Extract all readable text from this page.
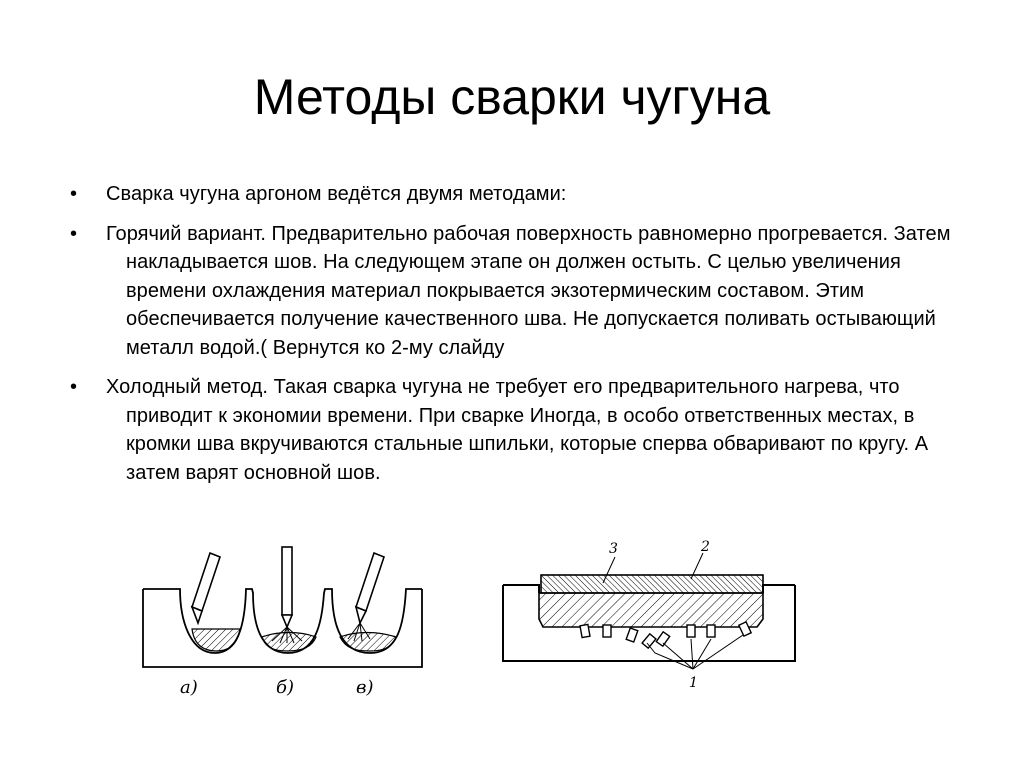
Методы сварки чугуна
•	Сварка чугуна аргоном ведётся двумя методами:
•	Горячий вариант. Предварительно рабочая поверхность равномерно прогревается. Затем накладывается шов. На следующем этапе он должен остыть. С целью увеличения времени охлаждения материал покрывается экзотермическим составом. Этим обеспечивается получение качественного шва. Не допускается поливать остывающий металл водой.( Вернутся ко 2-му слайду
•	Холодный метод. Такая сварка чугуна не требует его предварительного нагрева, что приводит к экономии времени. При сварке Иногда, в особо ответственных местах, в кромки шва вкручиваются стальные шпильки, которые сперва обваривают по кругу. А затем варят основной шов.
а)	б)	в)
3	2
1
